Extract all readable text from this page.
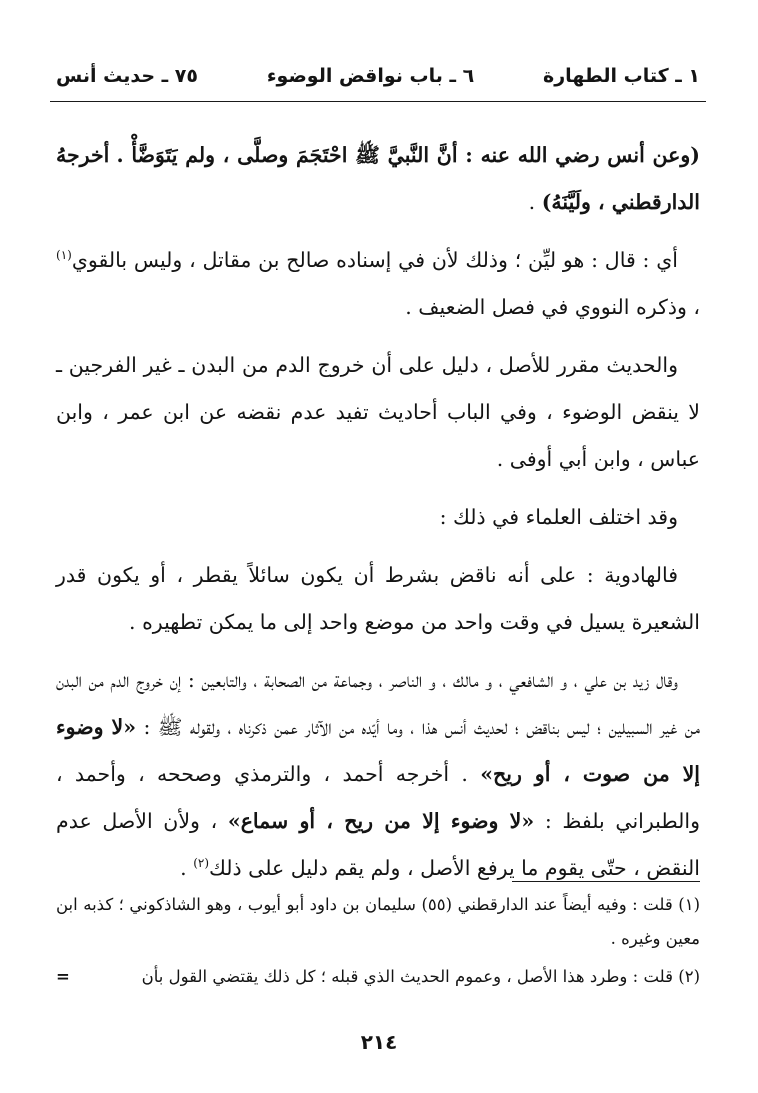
١ ـ كتاب الطهارة
٦ ـ باب نواقض الوضوء
٧٥ ـ حديث أنس

(وعن أنس رضي الله عنه : أنَّ النَّبيَّ ﷺ احْتَجَمَ وصلَّى ، ولم يَتَوَضَّأْ . أخرجهُ الدارقطني ، ولَيَّنَهُ) .

أي : قال : هو ليِّن ؛ وذلك لأن في إسناده صالح بن مقاتل ، وليس بالقوي$^{(١)}$ ، وذكره النووي في فصل الضعيف .

والحديث مقرر للأصل ، دليل على أن خروج الدم من البدن ـ غير الفرجين ـ لا ينقض الوضوء ، وفي الباب أحاديث تفيد عدم نقضه عن ابن عمر ، وابن عباس ، وابن أبي أوفى .

وقد اختلف العلماء في ذلك :

فالهادوية : على أنه ناقض بشرط أن يكون سائلاً يقطر ، أو يكون قدر الشعيرة يسيل في وقت واحد من موضع واحد إلى ما يمكن تطهيره .

وقال زيد بن علي ، و الشافعي ، و مالك ، و الناصر ، وجماعة من الصحابة ، والتابعين : إن خروج الدم من البدن من غير السبيلين ؛ ليس بناقض ؛ لحديث أنس هذا ، وما أيّده من الآثار عمن ذكرناه ، ولقوله ﷺ : «لا وضوء إلا من صوت ، أو ريح» . أخرجه أحمد ، والترمذي وصححه ، وأحمد ، والطبراني بلفظ : «لا وضوء إلا من ريح ، أو سماع» ، ولأن الأصل عدم النقض ، حتّى يقوم ما يرفع الأصل ، ولم يقم دليل على ذلك$^{(٢)}$ .

(١) قلت : وفيه أيضاً عند الدارقطني (٥٥) سليمان بن داود أبو أيوب ، وهو الشاذكوني ؛ كذبه ابن معين وغيره .

=	(٢) قلت : وطرد هذا الأصل ، وعموم الحديث الذي قبله ؛ كل ذلك يقتضي القول بأن

٢١٤
